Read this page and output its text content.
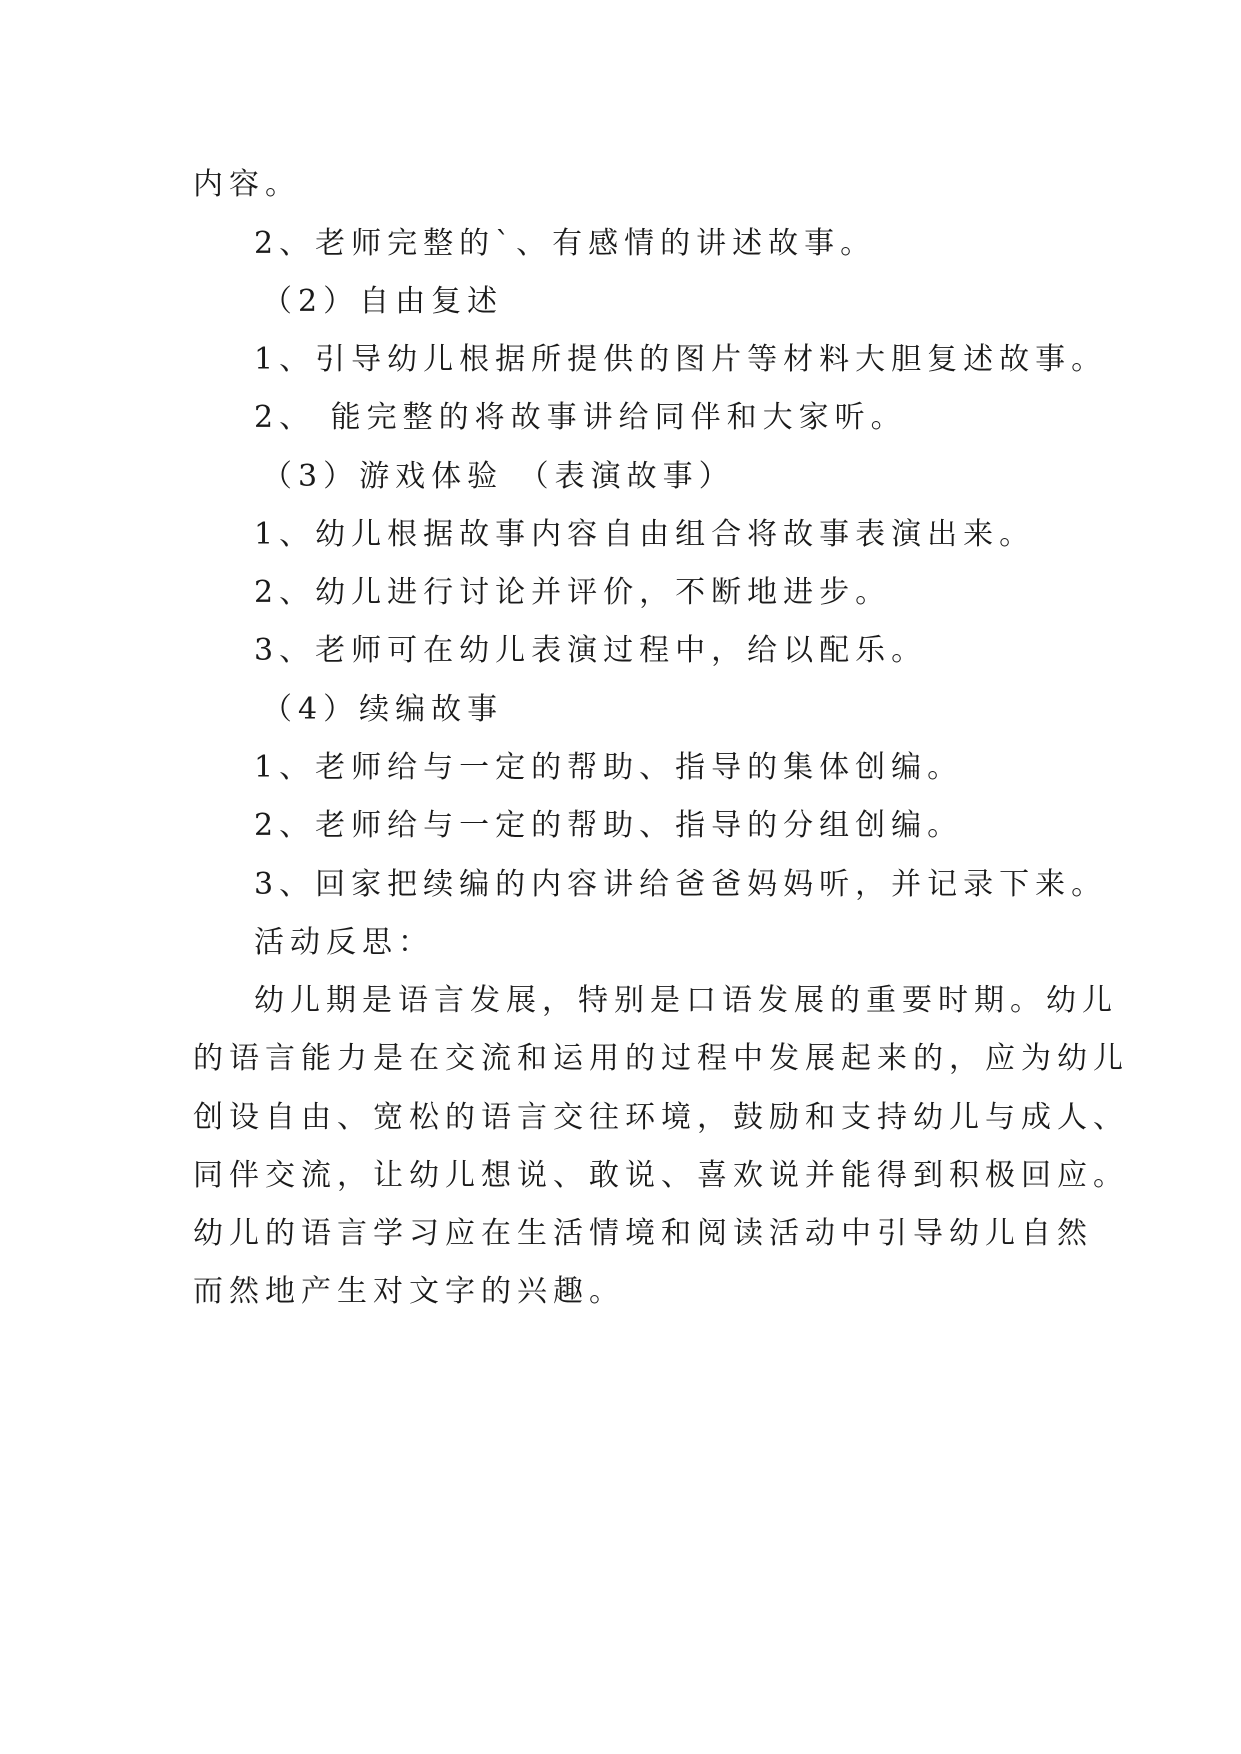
内容。
2、老师完整的`、有感情的讲述故事。
（2）自由复述
1、引导幼儿根据所提供的图片等材料大胆复述故事。
2、 能完整的将故事讲给同伴和大家听。
（3）游戏体验 （表演故事）
1、幼儿根据故事内容自由组合将故事表演出来。
2、幼儿进行讨论并评价，不断地进步。
3、老师可在幼儿表演过程中，给以配乐。
（4）续编故事
1、老师给与一定的帮助、指导的集体创编。
2、老师给与一定的帮助、指导的分组创编。
3、回家把续编的内容讲给爸爸妈妈听，并记录下来。
活动反思：
幼儿期是语言发展，特别是口语发展的重要时期。幼儿
的语言能力是在交流和运用的过程中发展起来的，应为幼儿
创设自由、宽松的语言交往环境，鼓励和支持幼儿与成人、
同伴交流，让幼儿想说、敢说、喜欢说并能得到积极回应。
幼儿的语言学习应在生活情境和阅读活动中引导幼儿自然
而然地产生对文字的兴趣。
